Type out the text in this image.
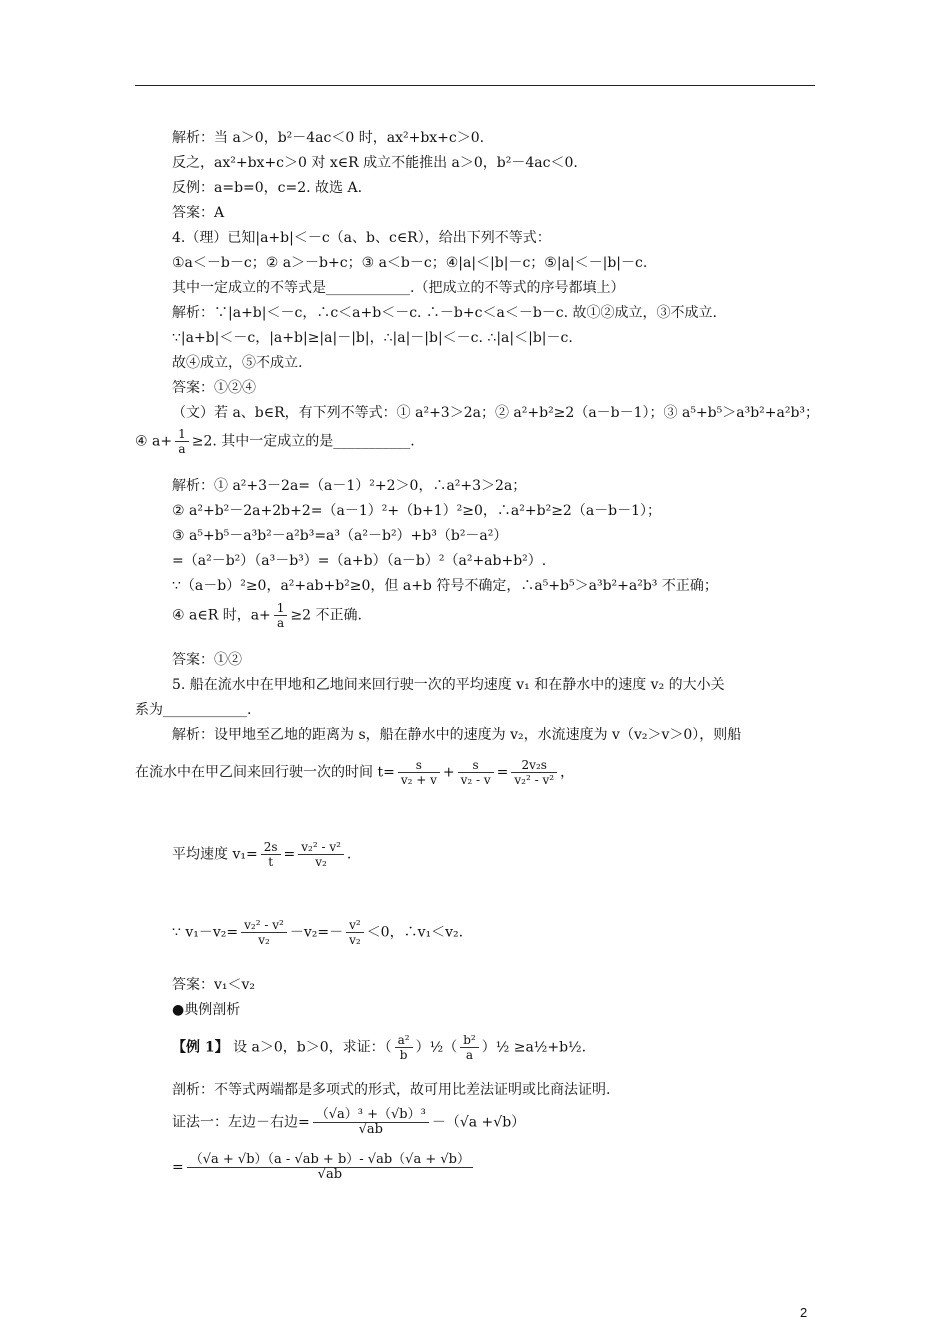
解析：当 a＞0，b²－4ac＜0 时，ax²+bx+c＞0.
反之，ax²+bx+c＞0 对 x∈R 成立不能推出 a＞0，b²－4ac＜0.
反例：a=b=0，c=2. 故选 A.
答案：A
4.（理）已知|a+b|＜－c（a、b、c∈R），给出下列不等式：
①a＜－b－c；② a＞－b+c；③ a＜b－c；④|a|＜|b|－c；⑤|a|＜－|b|－c.
其中一定成立的不等式是____________.（把成立的不等式的序号都填上）
解析：∵|a+b|＜－c，∴c＜a+b＜－c. ∴－b+c＜a＜－b－c. 故①②成立，③不成立.
∵|a+b|＜－c，|a+b|≥|a|－|b|，∴|a|－|b|＜－c. ∴|a|＜|b|－c.
故④成立，⑤不成立.
答案：①②④
（文）若 a、b∈R，有下列不等式：① a²+3＞2a；② a²+b²≥2（a－b－1）；③ a⁵+b⁵＞a³b²+a²b³；
④ $a+ \frac{1}{a} \ge 2$. 其中一定成立的是___________.
解析：① a²+3－2a=（a－1）²+2＞0，∴a²+3＞2a；
② a²+b²－2a+2b+2=（a－1）²+（b+1）²≥0，∴a²+b²≥2（a－b－1）；
③ a⁵+b⁵－a³b²－a²b³=a³（a²－b²）+b³（b²－a²）
=（a²－b²）（a³－b³）=（a+b）（a－b）²（a²+ab+b²）.
∵（a－b）²≥0，a²+ab+b²≥0，但 a+b 符号不确定，∴a⁵+b⁵＞a³b²+a²b³ 不正确；
④ a∈R 时，$a+ \frac{1}{a} \ge 2$ 不正确.
答案：①②
5. 船在流水中在甲地和乙地间来回行驶一次的平均速度 v₁ 和在静水中的速度 v₂ 的大小关
系为____________.
解析：设甲地至乙地的距离为 s，船在静水中的速度为 v₂，水流速度为 v（v₂＞v＞0），则船
在流水中在甲乙间来回行驶一次的时间 $t= \frac{s}{\text{v₂ + v}} + \frac{s}{\text{v₂ - v}} = \frac{\text{2v₂s}}{\text{v₂² - v²}}$ ，
平均速度 $v_1= \frac{2s}{t} = \frac{\text{v₂² - v²}}{\text{v₂}}$ .
∵ $v_1-v_2= \frac{\text{v₂² - v²}}{\text{v₂}} -v_2=- \frac{\text{v²}}{\text{v₂}} <0$，∴v₁＜v₂.
答案：v₁＜v₂
●典例剖析
【例 1】 设 a＞0，b＞0，求证：（ $\frac{\text{a²}}{b}$ ）½（ $\frac{\text{b²}}{a}$ ）½ ≥a½+b½.
剖析：不等式两端都是多项式的形式，故可用比差法证明或比商法证明.
证法一：左边－右边= $\frac{\text{（√a）³ +（√b）³}}{√ab} -(√a +√b)$
= $\frac{(√a + √b)(a - √ab + b)- √ab(√a + √b)}{√ab}$
2
